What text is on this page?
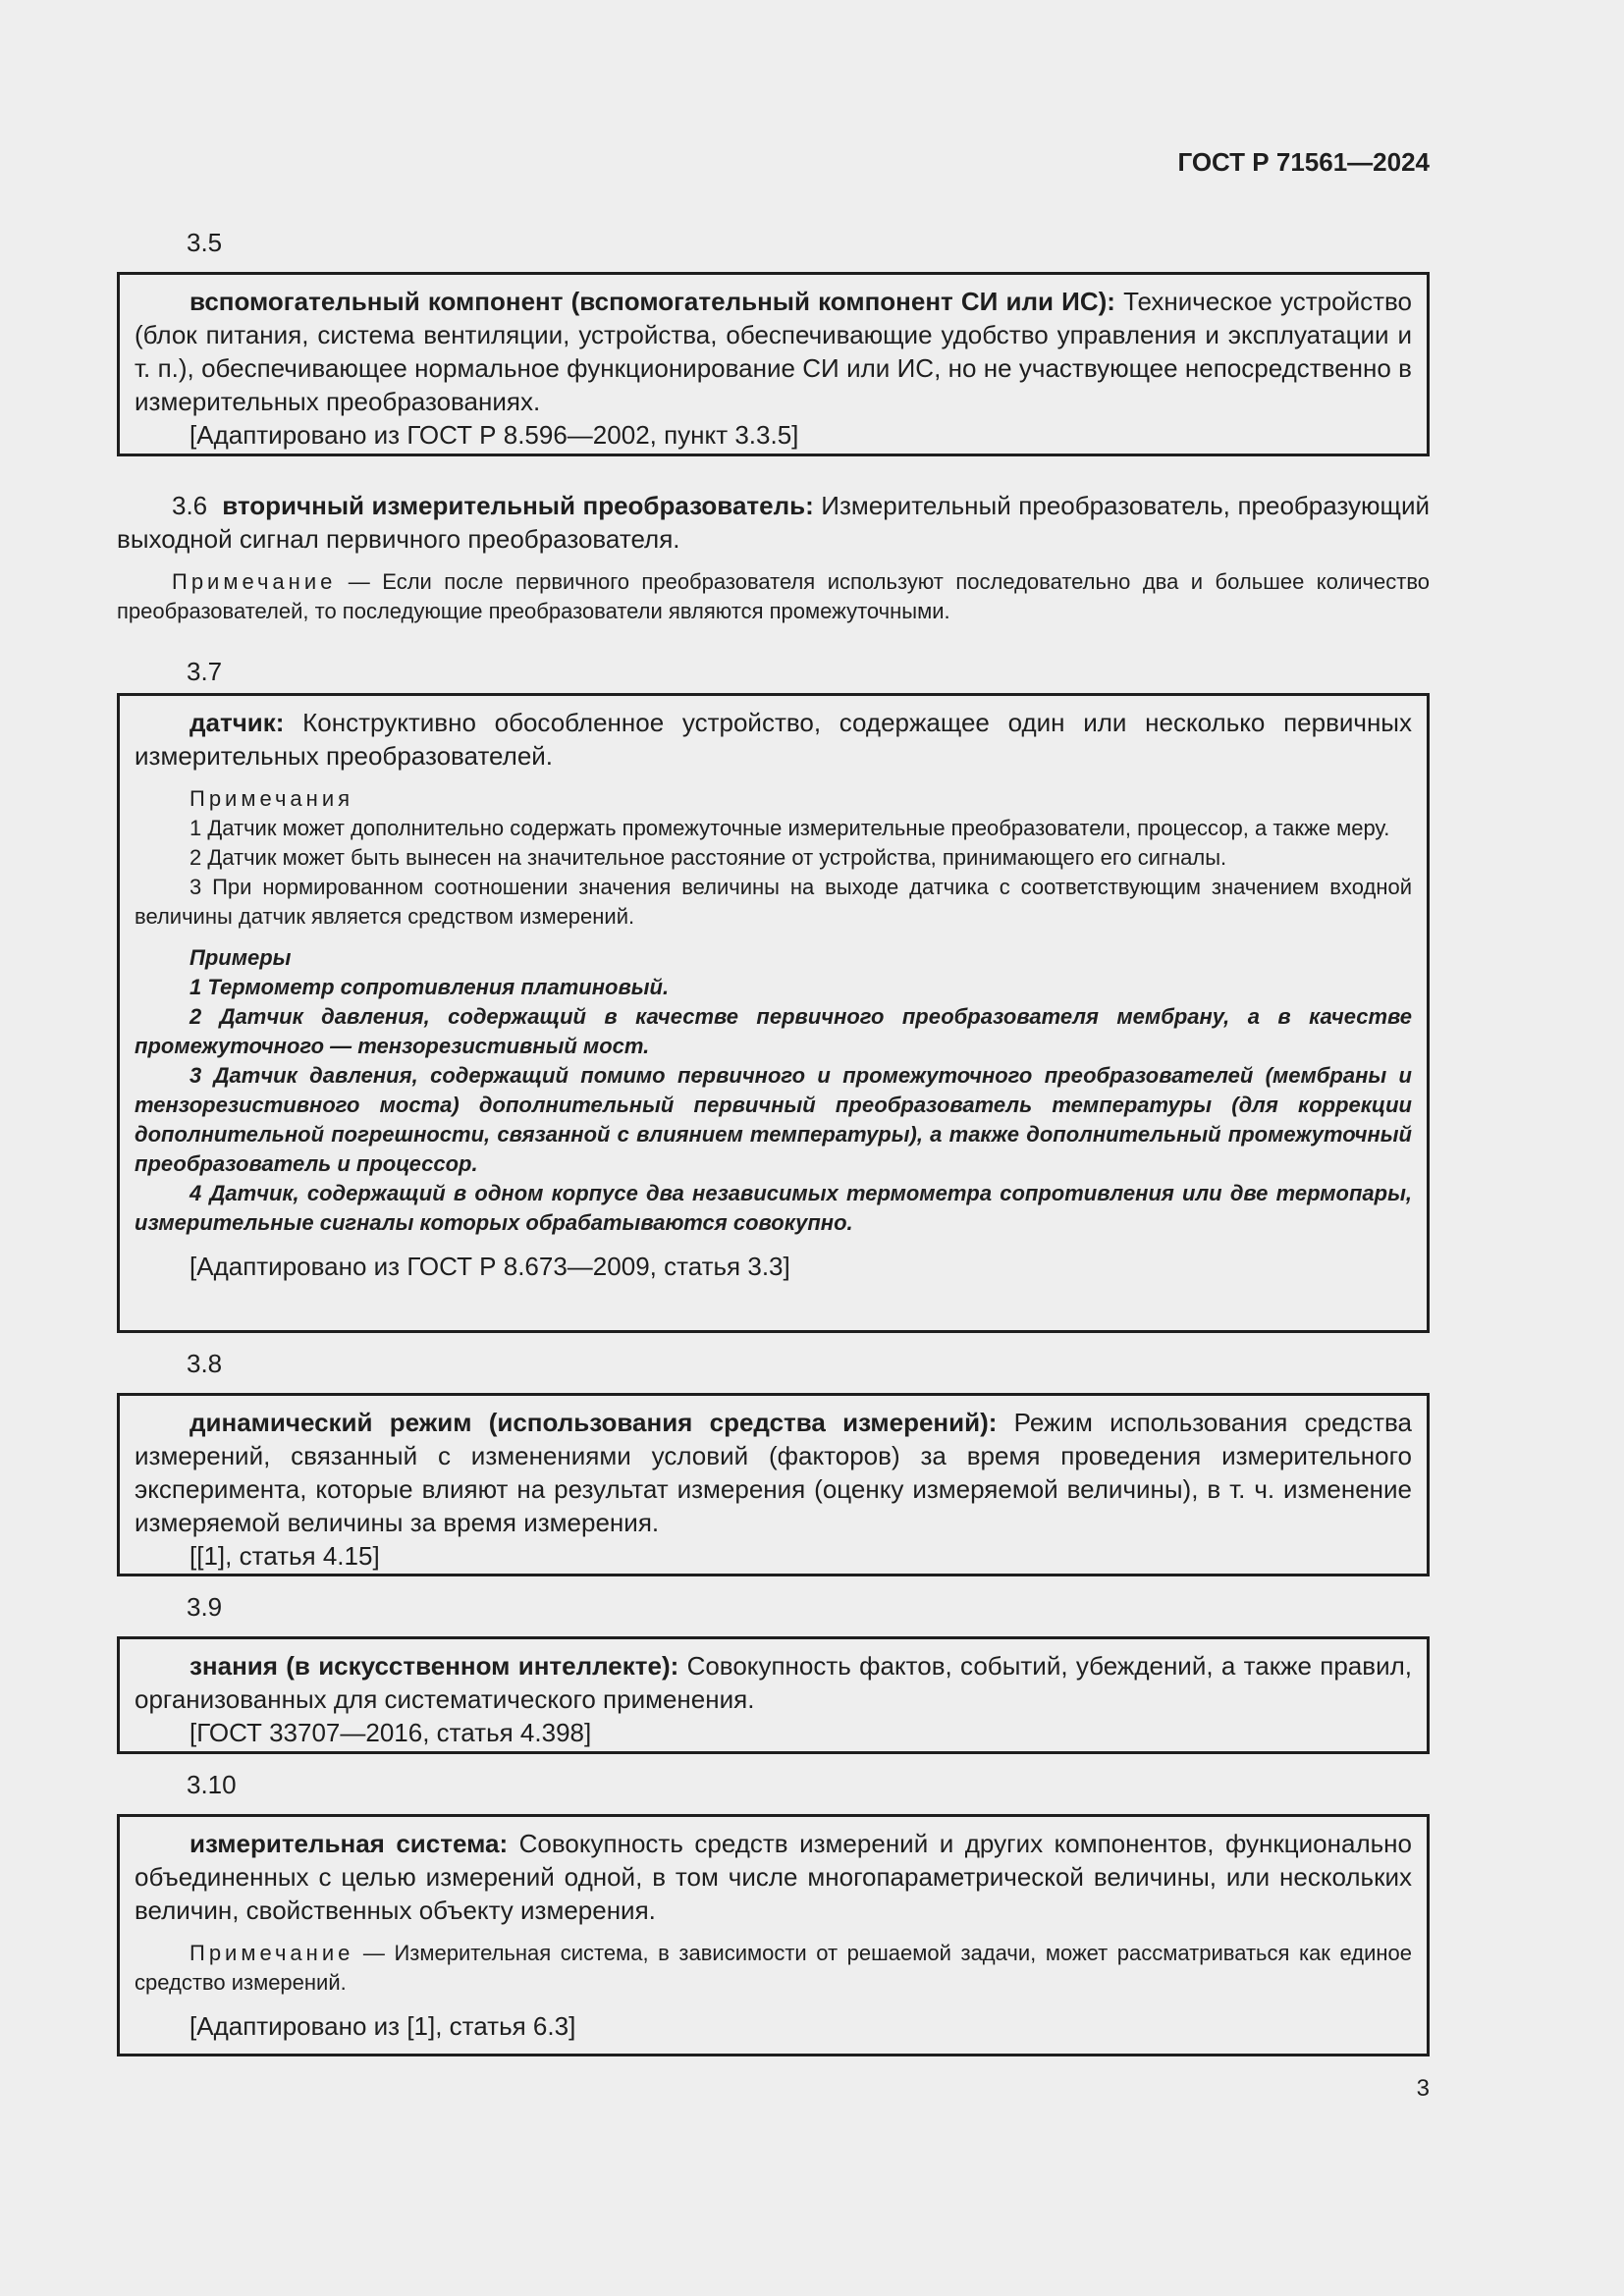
ГОСТ Р 71561—2024
3.5

вспомогательный компонент (вспомогательный компонент СИ или ИС): Техническое устройство (блок питания, система вентиляции, устройства, обеспечивающие удобство управления и эксплуатации и т. п.), обеспечивающее нормальное функционирование СИ или ИС, но не участвующее непосредственно в измерительных преобразованиях.

[Адаптировано из ГОСТ Р 8.596—2002, пункт 3.3.5]

3.6 вторичный измерительный преобразователь: Измерительный преобразователь, преобразующий выходной сигнал первичного преобразователя.

Примечание — Если после первичного преобразователя используют последовательно два и большее количество преобразователей, то последующие преобразователи являются промежуточными.

3.7

датчик: Конструктивно обособленное устройство, содержащее один или несколько первичных измерительных преобразователей.

Примечания

1 Датчик может дополнительно содержать промежуточные измерительные преобразователи, процессор, а также меру.

2 Датчик может быть вынесен на значительное расстояние от устройства, принимающего его сигналы.

3 При нормированном соотношении значения величины на выходе датчика с соответствующим значением входной величины датчик является средством измерений.

Примеры

1 Термометр сопротивления платиновый.

2 Датчик давления, содержащий в качестве первичного преобразователя мембрану, а в качестве промежуточного — тензорезистивный мост.

3 Датчик давления, содержащий помимо первичного и промежуточного преобразователей (мембраны и тензорезистивного моста) дополнительный первичный преобразователь температуры (для коррекции дополнительной погрешности, связанной с влиянием температуры), а также дополнительный промежуточный преобразователь и процессор.

4 Датчик, содержащий в одном корпусе два независимых термометра сопротивления или две термопары, измерительные сигналы которых обрабатываются совокупно.

[Адаптировано из ГОСТ Р 8.673—2009, статья 3.3]

3.8

динамический режим (использования средства измерений): Режим использования средства измерений, связанный с изменениями условий (факторов) за время проведения измерительного эксперимента, которые влияют на результат измерения (оценку измеряемой величины), в т. ч. изменение измеряемой величины за время измерения.

[[1], статья 4.15]

3.9

знания (в искусственном интеллекте): Совокупность фактов, событий, убеждений, а также правил, организованных для систематического применения.

[ГОСТ 33707—2016, статья 4.398]

3.10

измерительная система: Совокупность средств измерений и других компонентов, функционально объединенных с целью измерений одной, в том числе многопараметрической величины, или нескольких величин, свойственных объекту измерения.

Примечание — Измерительная система, в зависимости от решаемой задачи, может рассматриваться как единое средство измерений.

[Адаптировано из [1], статья 6.3]

3
